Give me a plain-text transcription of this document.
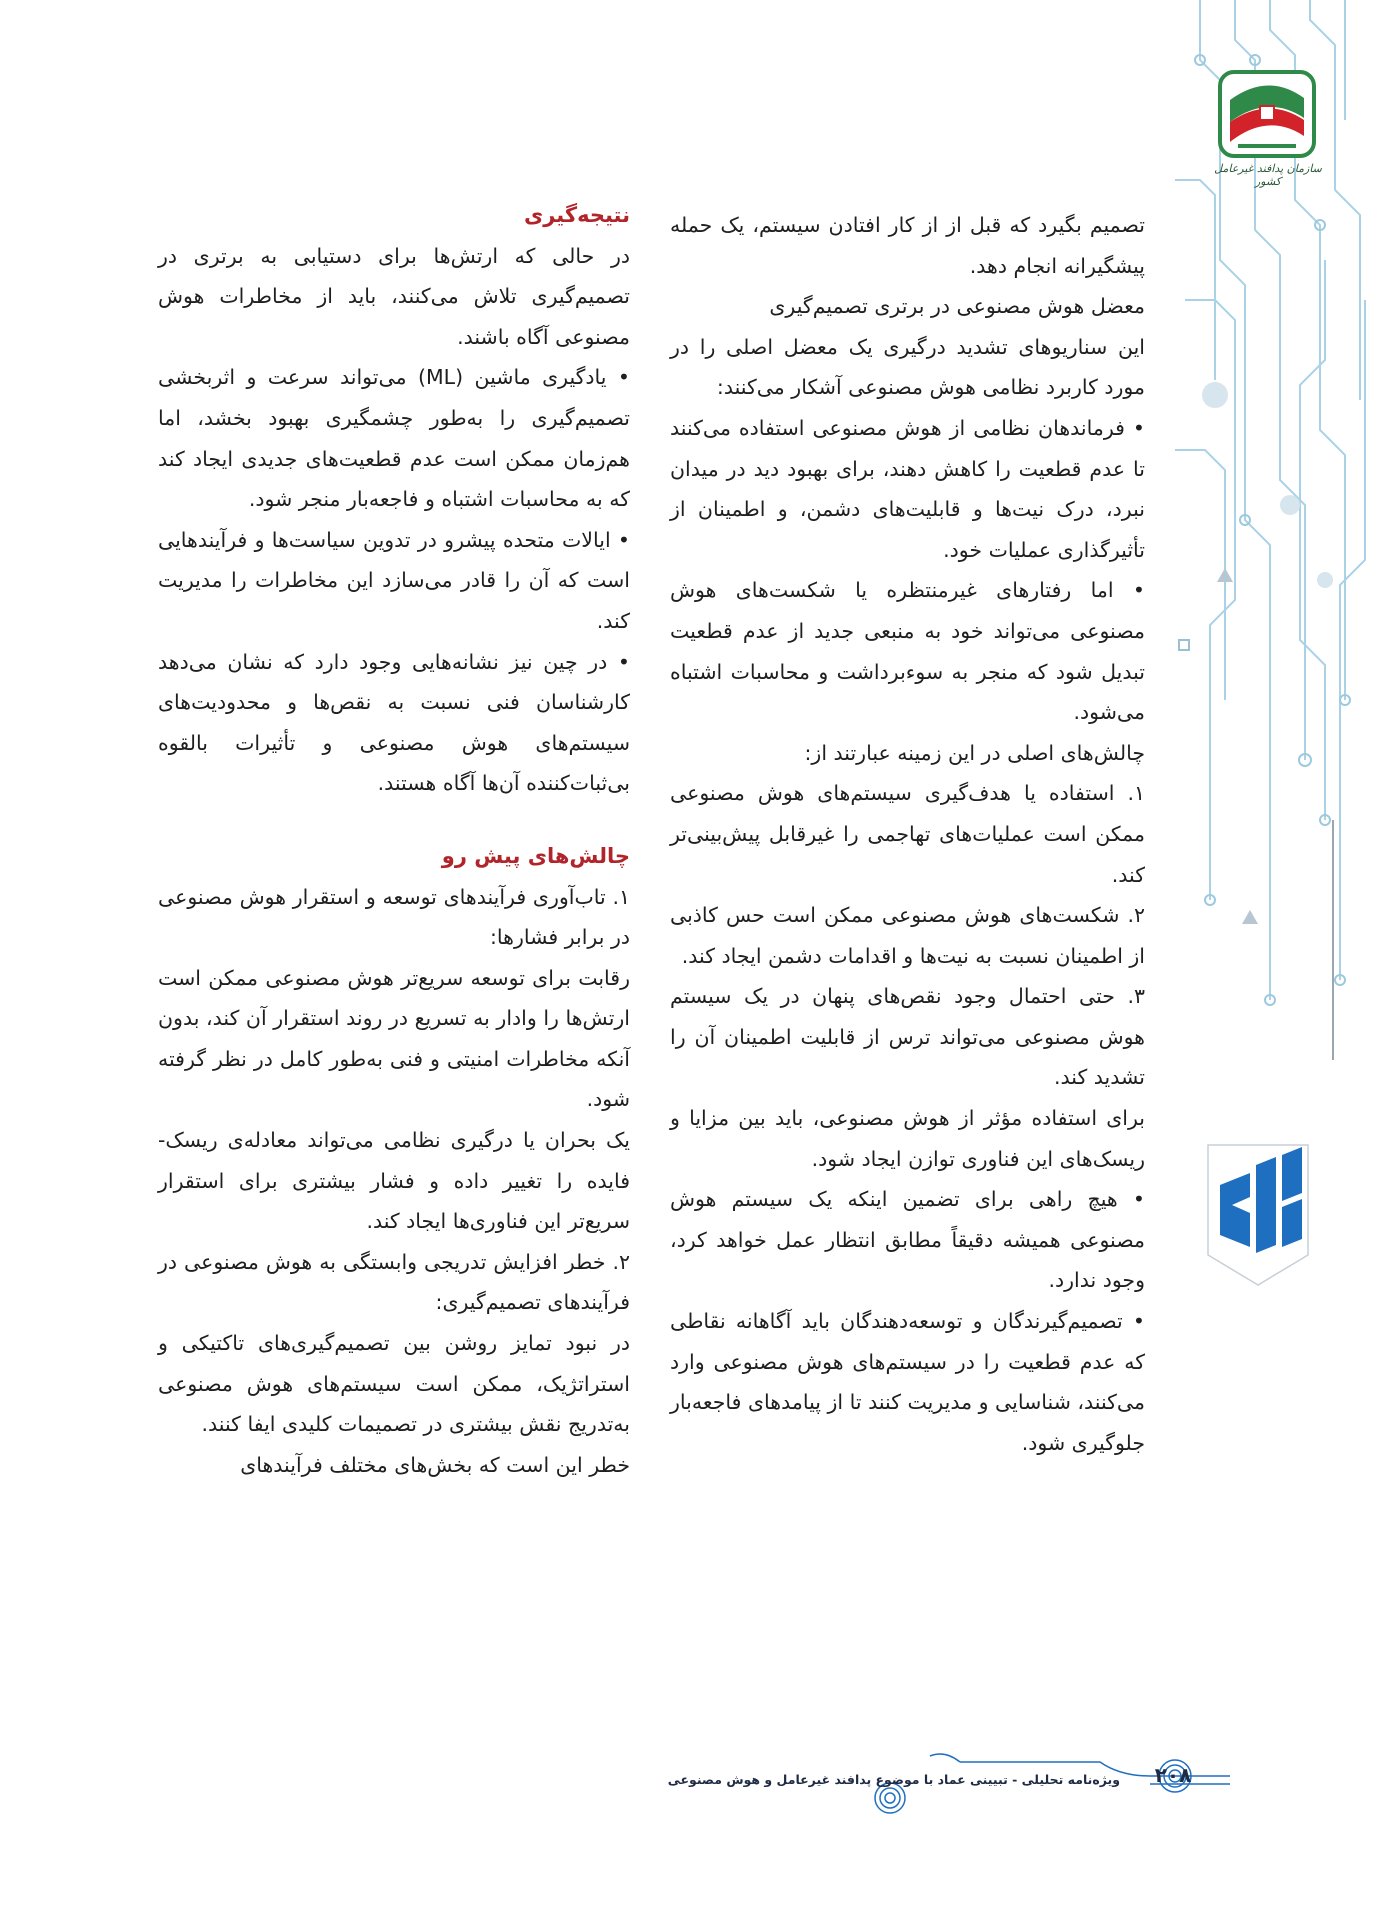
سازمان پدافند غیرعامل کشور

تصمیم بگیرد که قبل از از کار افتادن سیستم، یک حمله پیشگیرانه انجام دهد.

معضل هوش مصنوعی در برتری تصمیم‌گیری

این سناریوهای تشدید درگیری یک معضل اصلی را در مورد کاربرد نظامی هوش مصنوعی آشکار می‌کنند:

• فرماندهان نظامی از هوش مصنوعی استفاده می‌کنند تا عدم قطعیت را کاهش دهند، برای بهبود دید در میدان نبرد، درک نیت‌ها و قابلیت‌های دشمن، و اطمینان از تأثیرگذاری عملیات خود.

• اما رفتارهای غیرمنتظره یا شکست‌های هوش مصنوعی می‌تواند خود به منبعی جدید از عدم قطعیت تبدیل شود که منجر به سوءبرداشت و محاسبات اشتباه می‌شود.

چالش‌های اصلی در این زمینه عبارتند از:

۱. استفاده یا هدف‌گیری سیستم‌های هوش مصنوعی ممکن است عملیات‌های تهاجمی را غیرقابل پیش‌بینی‌تر کند.

۲. شکست‌های هوش مصنوعی ممکن است حس کاذبی از اطمینان نسبت به نیت‌ها و اقدامات دشمن ایجاد کند.

۳. حتی احتمال وجود نقص‌های پنهان در یک سیستم هوش مصنوعی می‌تواند ترس از قابلیت اطمینان آن را تشدید کند.

برای استفاده مؤثر از هوش مصنوعی، باید بین مزایا و ریسک‌های این فناوری توازن ایجاد شود.

• هیچ راهی برای تضمین اینکه یک سیستم هوش مصنوعی همیشه دقیقاً مطابق انتظار عمل خواهد کرد، وجود ندارد.

• تصمیم‌گیرندگان و توسعه‌دهندگان باید آگاهانه نقاطی که عدم قطعیت را در سیستم‌های هوش مصنوعی وارد می‌کنند، شناسایی و مدیریت کنند تا از پیامدهای فاجعه‌بار جلوگیری شود.

نتیجه‌گیری

در حالی که ارتش‌ها برای دستیابی به برتری در تصمیم‌گیری تلاش می‌کنند، باید از مخاطرات هوش مصنوعی آگاه باشند.

• یادگیری ماشین (ML) می‌تواند سرعت و اثربخشی تصمیم‌گیری را به‌طور چشمگیری بهبود بخشد، اما هم‌زمان ممکن است عدم قطعیت‌های جدیدی ایجاد کند که به محاسبات اشتباه و فاجعه‌بار منجر شود.

• ایالات متحده پیشرو در تدوین سیاست‌ها و فرآیندهایی است که آن را قادر می‌سازد این مخاطرات را مدیریت کند.

• در چین نیز نشانه‌هایی وجود دارد که نشان می‌دهد کارشناسان فنی نسبت به نقص‌ها و محدودیت‌های سیستم‌های هوش مصنوعی و تأثیرات بالقوه بی‌ثبات‌کننده آن‌ها آگاه هستند.

چالش‌های پیش رو

۱. تاب‌آوری فرآیندهای توسعه و استقرار هوش مصنوعی در برابر فشارها:

رقابت برای توسعه سریع‌تر هوش مصنوعی ممکن است ارتش‌ها را وادار به تسریع در روند استقرار آن کند، بدون آنکه مخاطرات امنیتی و فنی به‌طور کامل در نظر گرفته شود.

یک بحران یا درگیری نظامی می‌تواند معادله‌ی ریسک-فایده را تغییر داده و فشار بیشتری برای استقرار سریع‌تر این فناوری‌ها ایجاد کند.

۲. خطر افزایش تدریجی وابستگی به هوش مصنوعی در فرآیندهای تصمیم‌گیری:

در نبود تمایز روشن بین تصمیم‌گیری‌های تاکتیکی و استراتژیک، ممکن است سیستم‌های هوش مصنوعی به‌تدریج نقش بیشتری در تصمیمات کلیدی ایفا کنند.

خطر این است که بخش‌های مختلف فرآیندهای

۲۰۸
ویژه‌نامه تحلیلی - تبیینی عماد با موضوع پدافند غیرعامل و هوش مصنوعی
